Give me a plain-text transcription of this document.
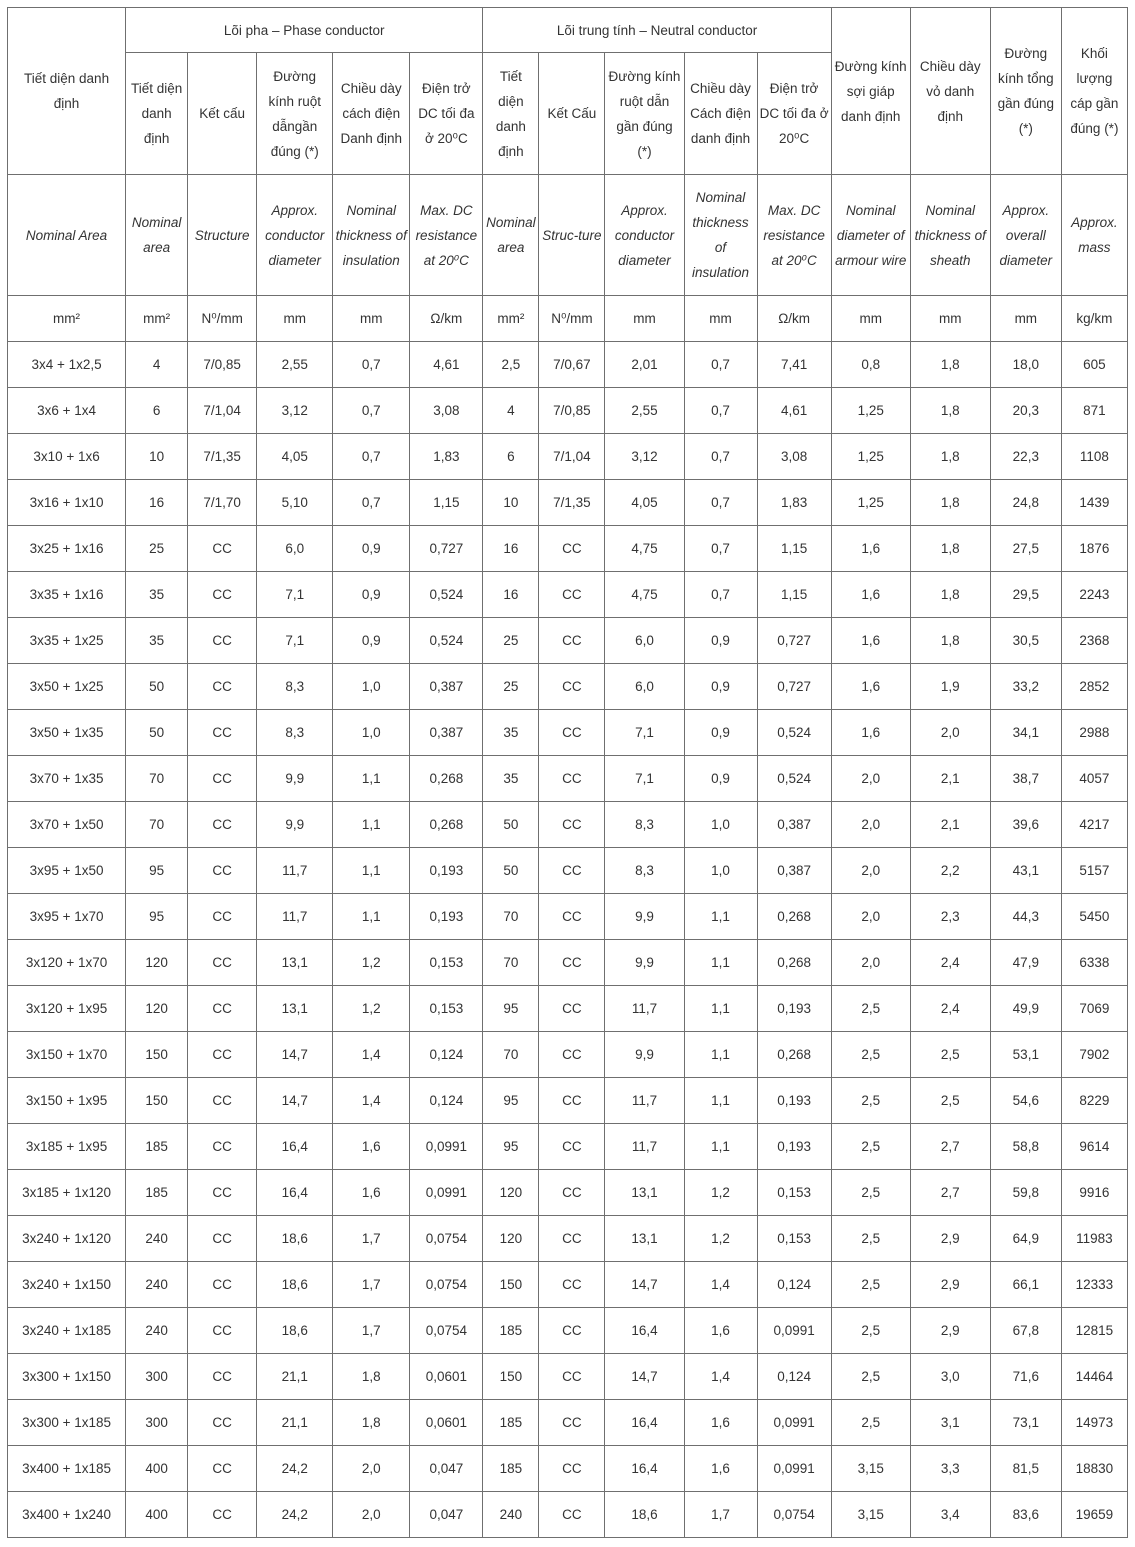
Tiết diện danh định	Lõi pha – Phase conductor					Lõi trung tính – Neutral conductor					Đường kính sợi giáp danh định	Chiều dày vỏ danh định	Đường kính tổng gần đúng (*)	Khối lượng cáp gần đúng (*)
	Tiết diện danh định	Kết cấu	Đường kính ruột dẫngần đúng (*)	Chiều dày cách điện Danh định	Điện trở DC tối đa ở 20⁰C	Tiết diện danh định	Kết Cấu	Đường kính ruột dẫn gần đúng (*)	Chiều dày Cách điện danh định	Điện trở DC tối đa ở 20⁰C				
Nominal Area	Nominal area	Structure	Approx. conductor diameter	Nominal thickness of insulation	Max. DC resistance at 20⁰C	Nominal area	Struc-ture	Approx. conductor diameter	Nominal thickness of insulation	Max. DC resistance at 20⁰C	Nominal diameter of armour wire	Nominal thickness of sheath	Approx. overall diameter	Approx. mass
mm²	mm²	N⁰/mm	mm	mm	Ω/km	mm²	N⁰/mm	mm	mm	Ω/km	mm	mm	mm	kg/km
3x4 + 1x2,5	4	7/0,85	2,55	0,7	4,61	2,5	7/0,67	2,01	0,7	7,41	0,8	1,8	18,0	605
3x6 + 1x4	6	7/1,04	3,12	0,7	3,08	4	7/0,85	2,55	0,7	4,61	1,25	1,8	20,3	871
3x10 + 1x6	10	7/1,35	4,05	0,7	1,83	6	7/1,04	3,12	0,7	3,08	1,25	1,8	22,3	1108
3x16 + 1x10	16	7/1,70	5,10	0,7	1,15	10	7/1,35	4,05	0,7	1,83	1,25	1,8	24,8	1439
3x25 + 1x16	25	CC	6,0	0,9	0,727	16	CC	4,75	0,7	1,15	1,6	1,8	27,5	1876
3x35 + 1x16	35	CC	7,1	0,9	0,524	16	CC	4,75	0,7	1,15	1,6	1,8	29,5	2243
3x35 + 1x25	35	CC	7,1	0,9	0,524	25	CC	6,0	0,9	0,727	1,6	1,8	30,5	2368
3x50 + 1x25	50	CC	8,3	1,0	0,387	25	CC	6,0	0,9	0,727	1,6	1,9	33,2	2852
3x50 + 1x35	50	CC	8,3	1,0	0,387	35	CC	7,1	0,9	0,524	1,6	2,0	34,1	2988
3x70 + 1x35	70	CC	9,9	1,1	0,268	35	CC	7,1	0,9	0,524	2,0	2,1	38,7	4057
3x70 + 1x50	70	CC	9,9	1,1	0,268	50	CC	8,3	1,0	0,387	2,0	2,1	39,6	4217
3x95 + 1x50	95	CC	11,7	1,1	0,193	50	CC	8,3	1,0	0,387	2,0	2,2	43,1	5157
3x95 + 1x70	95	CC	11,7	1,1	0,193	70	CC	9,9	1,1	0,268	2,0	2,3	44,3	5450
3x120 + 1x70	120	CC	13,1	1,2	0,153	70	CC	9,9	1,1	0,268	2,0	2,4	47,9	6338
3x120 + 1x95	120	CC	13,1	1,2	0,153	95	CC	11,7	1,1	0,193	2,5	2,4	49,9	7069
3x150 + 1x70	150	CC	14,7	1,4	0,124	70	CC	9,9	1,1	0,268	2,5	2,5	53,1	7902
3x150 + 1x95	150	CC	14,7	1,4	0,124	95	CC	11,7	1,1	0,193	2,5	2,5	54,6	8229
3x185 + 1x95	185	CC	16,4	1,6	0,0991	95	CC	11,7	1,1	0,193	2,5	2,7	58,8	9614
3x185 + 1x120	185	CC	16,4	1,6	0,0991	120	CC	13,1	1,2	0,153	2,5	2,7	59,8	9916
3x240 + 1x120	240	CC	18,6	1,7	0,0754	120	CC	13,1	1,2	0,153	2,5	2,9	64,9	11983
3x240 + 1x150	240	CC	18,6	1,7	0,0754	150	CC	14,7	1,4	0,124	2,5	2,9	66,1	12333
3x240 + 1x185	240	CC	18,6	1,7	0,0754	185	CC	16,4	1,6	0,0991	2,5	2,9	67,8	12815
3x300 + 1x150	300	CC	21,1	1,8	0,0601	150	CC	14,7	1,4	0,124	2,5	3,0	71,6	14464
3x300 + 1x185	300	CC	21,1	1,8	0,0601	185	CC	16,4	1,6	0,0991	2,5	3,1	73,1	14973
3x400 + 1x185	400	CC	24,2	2,0	0,047	185	CC	16,4	1,6	0,0991	3,15	3,3	81,5	18830
3x400 + 1x240	400	CC	24,2	2,0	0,047	240	CC	18,6	1,7	0,0754	3,15	3,4	83,6	19659
